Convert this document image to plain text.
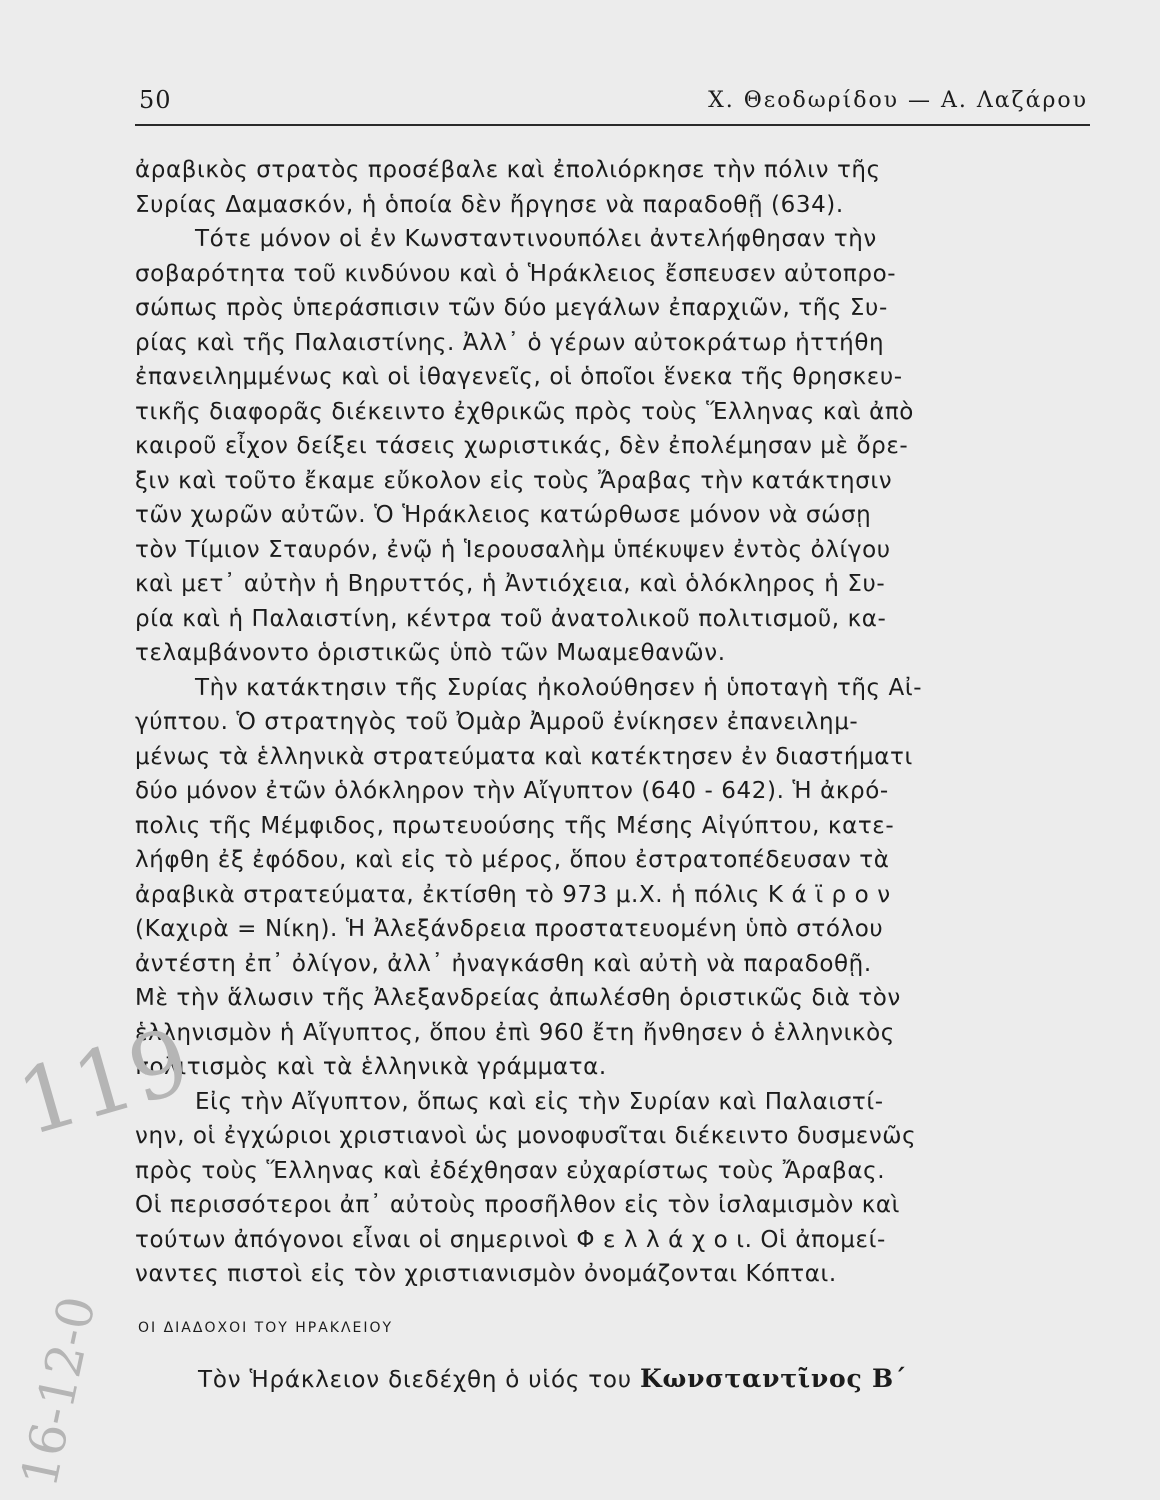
50	Χ. Θεοδωρίδου — Α. Λαζάρου
ἀραβικὸς στρατὸς προσέβαλε καὶ ἐπολιόρκησε τὴν πόλιν τῆς
Συρίας Δαμασκόν, ἡ ὁποία δὲν ἤργησε νὰ παραδοθῇ (634).
Τότε μόνον οἱ ἐν Κωνσταντινουπόλει ἀντελήφθησαν τὴν
σοβαρότητα τοῦ κινδύνου καὶ ὁ Ἡράκλειος ἔσπευσεν αὐτοπρο-
σώπως πρὸς ὑπεράσπισιν τῶν δύο μεγάλων ἐπαρχιῶν, τῆς Συ-
ρίας καὶ τῆς Παλαιστίνης. Ἀλλ᾽ ὁ γέρων αὐτοκράτωρ ἡττήθη
ἐπανειλημμένως καὶ οἱ ἰθαγενεῖς, οἱ ὁποῖοι ἕνεκα τῆς θρησκευ-
τικῆς διαφορᾶς διέκειντο ἐχθρικῶς πρὸς τοὺς Ἕλληνας καὶ ἀπὸ
καιροῦ εἶχον δείξει τάσεις χωριστικάς, δὲν ἐπολέμησαν μὲ ὄρε-
ξιν καὶ τοῦτο ἔκαμε εὔκολον εἰς τοὺς Ἄραβας τὴν κατάκτησιν
τῶν χωρῶν αὐτῶν. Ὁ Ἡράκλειος κατώρθωσε μόνον νὰ σώσῃ
τὸν Τίμιον Σταυρόν, ἐνῷ ἡ Ἱερουσαλὴμ ὑπέκυψεν ἐντὸς ὀλίγου
καὶ μετ᾽ αὐτὴν ἡ Βηρυττός, ἡ Ἀντιόχεια, καὶ ὁλόκληρος ἡ Συ-
ρία καὶ ἡ Παλαιστίνη, κέντρα τοῦ ἀνατολικοῦ πολιτισμοῦ, κα-
τελαμβάνοντο ὁριστικῶς ὑπὸ τῶν Μωαμεθανῶν.
Τὴν κατάκτησιν τῆς Συρίας ἠκολούθησεν ἡ ὑποταγὴ τῆς Αἰ-
γύπτου. Ὁ στρατηγὸς τοῦ Ὀμὰρ Ἀμροῦ ἐνίκησεν ἐπανειλημ-
μένως τὰ ἑλληνικὰ στρατεύματα καὶ κατέκτησεν ἐν διαστήματι
δύο μόνον ἐτῶν ὁλόκληρον τὴν Αἴγυπτον (640 - 642). Ἡ ἀκρό-
πολις τῆς Μέμφιδος, πρωτευούσης τῆς Μέσης Αἰγύπτου, κατε-
λήφθη ἐξ ἐφόδου, καὶ εἰς τὸ μέρος, ὅπου ἐστρατοπέδευσαν τὰ
ἀραβικὰ στρατεύματα, ἐκτίσθη τὸ 973 μ.Χ. ἡ πόλις Κ ά ϊ ρ ο ν
(Καχιρὰ = Νίκη). Ἡ Ἀλεξάνδρεια προστατευομένη ὑπὸ στόλου
ἀντέστη ἐπ᾽ ὀλίγον, ἀλλ᾽ ἠναγκάσθη καὶ αὐτὴ νὰ παραδοθῇ.
Μὲ τὴν ἅλωσιν τῆς Ἀλεξανδρείας ἀπωλέσθη ὁριστικῶς διὰ τὸν
ἑλληνισμὸν ἡ Αἴγυπτος, ὅπου ἐπὶ 960 ἔτη ἤνθησεν ὁ ἑλληνικὸς
πολιτισμὸς καὶ τὰ ἑλληνικὰ γράμματα.
Εἰς τὴν Αἴγυπτον, ὅπως καὶ εἰς τὴν Συρίαν καὶ Παλαιστί-
νην, οἱ ἐγχώριοι χριστιανοὶ ὡς μονοφυσῖται διέκειντο δυσμενῶς
πρὸς τοὺς Ἕλληνας καὶ ἐδέχθησαν εὐχαρίστως τοὺς Ἄραβας.
Οἱ περισσότεροι ἀπ᾽ αὐτοὺς προσῆλθον εἰς τὸν ἰσλαμισμὸν καὶ
τούτων ἀπόγονοι εἶναι οἱ σημερινοὶ Φ ε λ λ ά χ ο ι. Οἱ ἀπομεί-
ναντες πιστοὶ εἰς τὸν χριστιανισμὸν ὀνομάζονται Κόπται.
ΟΙ ΔΙΑΔΟΧΟΙ ΤΟΥ ΗΡΑΚΛΕΙΟΥ
Τὸν Ἡράκλειον διεδέχθη ὁ υἱός του Κωνσταντῖνος Β΄
119
16-12-0
